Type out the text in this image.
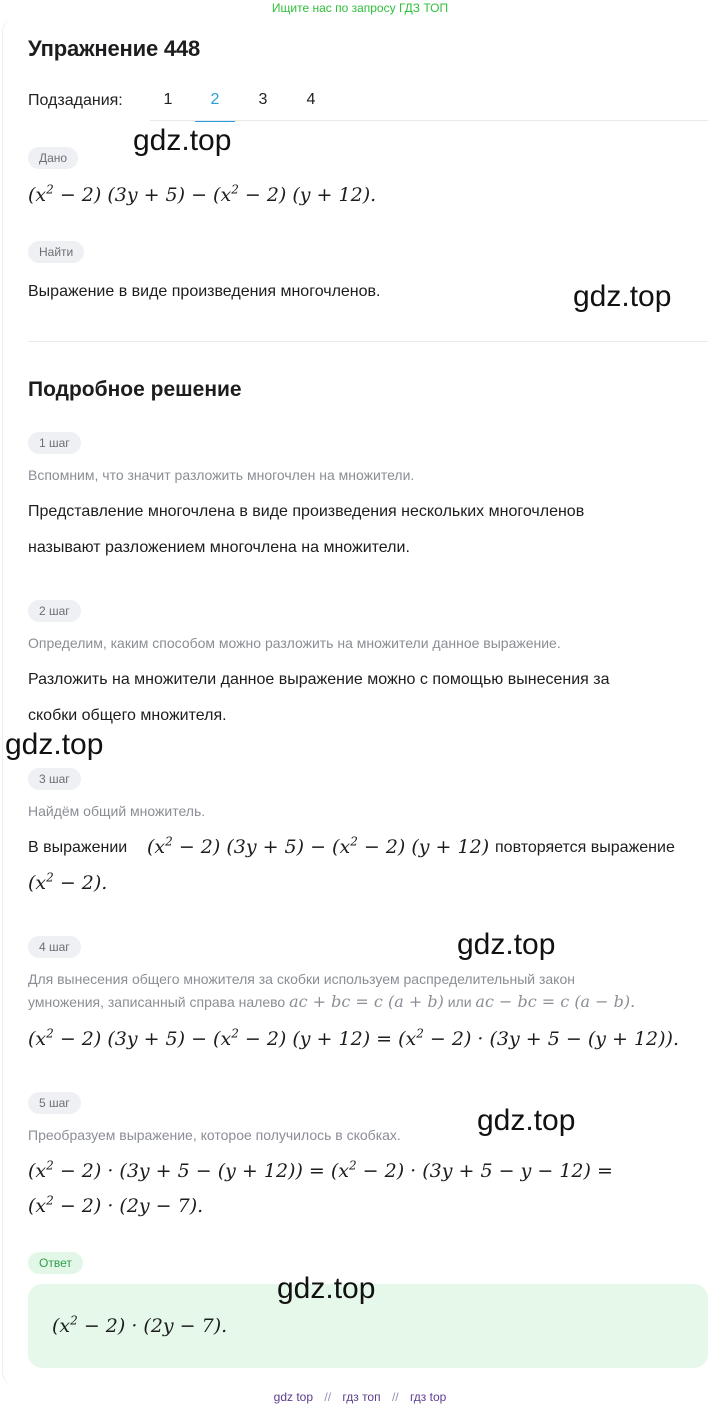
Ищите нас по запросу ГДЗ ТОП
Упражнение 448
Подзадания:	1	2	3	4
Дано
$(x^2 - 2) (3y + 5) - (x^2 - 2) (y + 12)$.
Найти
Выражение в виде произведения многочленов.
Подробное решение
1 шаг
Вспомним, что значит разложить многочлен на множители.
Представление многочлена в виде произведения нескольких многочленов
называют разложением многочлена на множители.
2 шаг
Определим, каким способом можно разложить на множители данное выражение.
Разложить на множители данное выражение можно с помощью вынесения за
скобки общего множителя.
3 шаг
Найдём общий множитель.
В выражении $(x^2 - 2) (3y + 5) - (x^2 - 2) (y + 12)$ повторяется выражение
$(x^2 - 2)$.
4 шаг
Для вынесения общего множителя за скобки используем распределительный закон
умножения, записанный справа налево ac + bc = c (a + b) или ac − bc = c (a − b).
$(x^2 - 2) (3y + 5) - (x^2 - 2) (y + 12) = (x^2 - 2) \cdot (3y + 5 - (y + 12))$.
5 шаг
Преобразуем выражение, которое получилось в скобках.
$(x^2 - 2) \cdot (3y + 5 - (y + 12)) = (x^2 - 2) \cdot (3y + 5 - y - 12)$ =
$(x^2 - 2) \cdot (2y - 7)$.
Ответ
$(x^2 - 2) \cdot (2y - 7)$.
gdz.top
gdz.top
gdz.top
gdz.top
gdz.top
gdz.top
gdz top // гдз топ // гдз top
